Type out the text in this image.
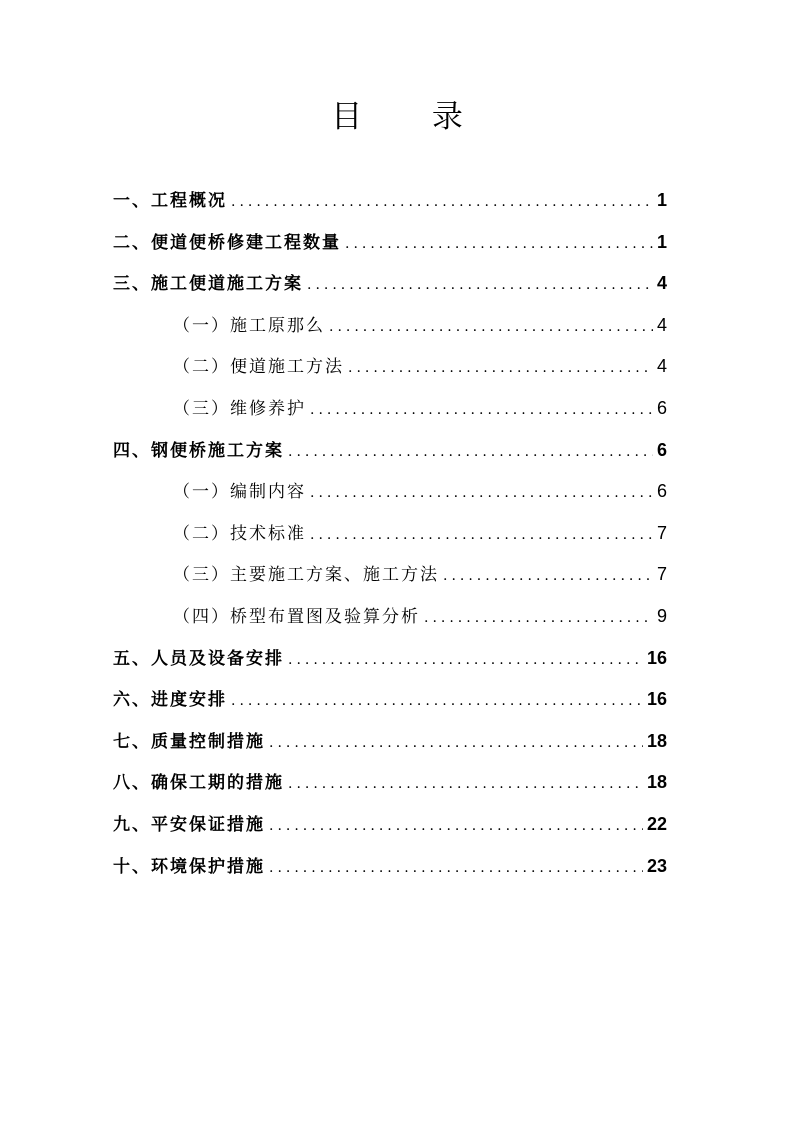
目 录
一、工程概况 .....	1
二、便道便桥修建工程数量 .....	1
三、施工便道施工方案 .....	4
（一）施工原那么 .....	4
（二）便道施工方法 .....	4
（三）维修养护 .....	6
四、钢便桥施工方案 .....	6
（一）编制内容 .....	6
（二）技术标准 .....	7
（三）主要施工方案、施工方法 .....	7
（四）桥型布置图及验算分析 .....	9
五、人员及设备安排 .....	16
六、进度安排 .....	16
七、质量控制措施 .....	18
八、确保工期的措施 .....	18
九、平安保证措施 .....	22
十、环境保护措施 .....	23
